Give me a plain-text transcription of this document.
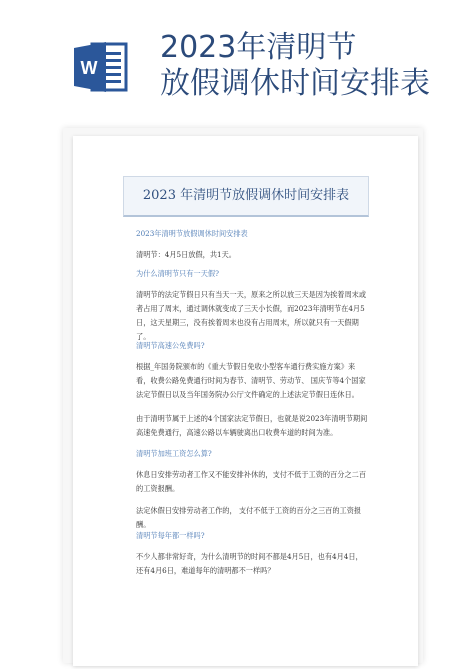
W
2023年清明节
放假调休时间安排表
2023 年清明节放假调休时间安排表

2023年清明节放假调休时间安排表

清明节：4月5日放假，共1天。

为什么清明节只有一天假?

清明节的法定节假日只有当天一天，原来之所以放三天是因为挨着周末或者占用了周末，通过调休就变成了三天小长假，而2023年清明节在4月5日，这天星期三，没有挨着周末也没有占用周末，所以就只有一天假期了。

清明节高速公免费吗?

根据_年国务院颁布的《重大节假日免收小型客车通行费实施方案》来看，收费公路免费通行时间为春节、清明节、劳动节、 国庆节等4个国家法定节假日以及当年国务院办公厅文件确定的上述法定节假日连休日。

由于清明节属于上述的4个国家法定节假日，也就是说2023年清明节期间高速免费通行，高速公路以车辆驶离出口收费车道的时间为准。

清明节加班工资怎么算?

休息日安排劳动者工作又不能安排补休的，支付不低于工资的百分之二百的工资报酬。

法定休假日安排劳动者工作的， 支付不低于工资的百分之三百的工资报酬。

清明节每年都一样吗?

不少人都非常好奇，为什么清明节的时间不都是4月5日，也有4月4日，还有4月6日，难道每年的清明都不一样吗？
